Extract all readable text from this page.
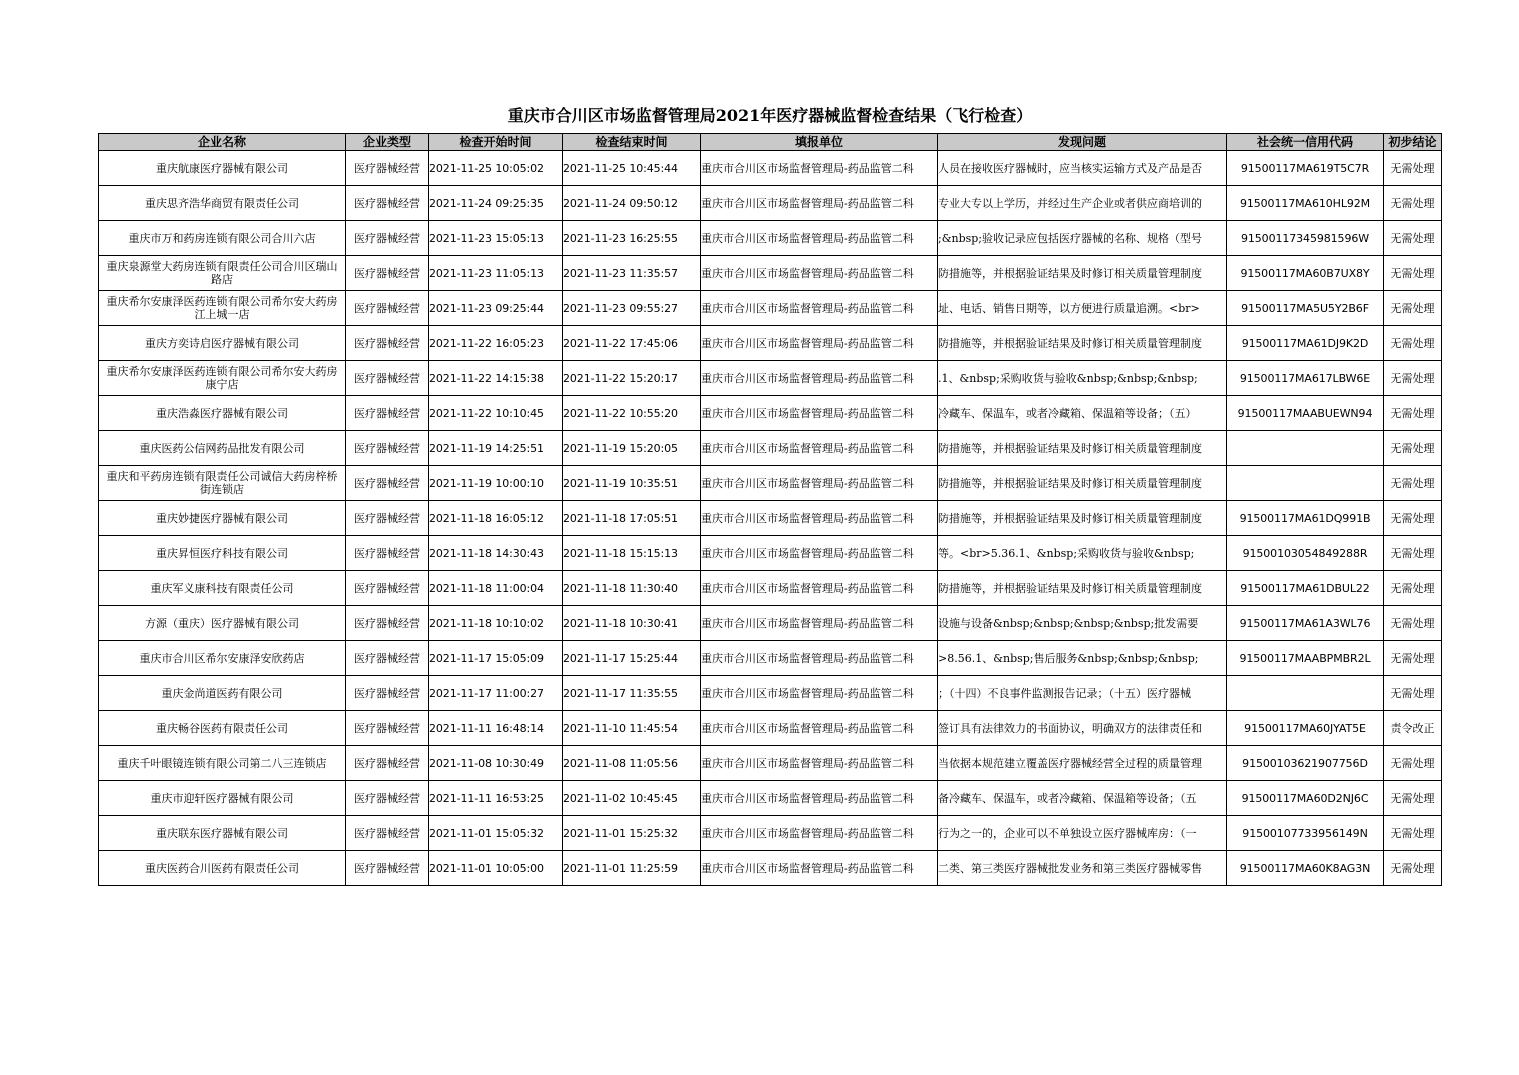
重庆市合川区市场监督管理局2021年医疗器械监督检查结果（飞行检查）
企业名称	企业类型	检查开始时间	检查结束时间	填报单位	发现问题	社会统一信用代码	初步结论
重庆航康医疗器械有限公司	医疗器械经营	2021-11-25 10:05:02	2021-11-25 10:45:44	重庆市合川区市场监督管理局-药品监管二科	人员在接收医疗器械时，应当核实运输方式及产品是否	91500117MA619T5C7R	无需处理
重庆思齐浩华商贸有限责任公司	医疗器械经营	2021-11-24 09:25:35	2021-11-24 09:50:12	重庆市合川区市场监督管理局-药品监管二科	专业大专以上学历，并经过生产企业或者供应商培训的	91500117MA610HL92M	无需处理
重庆市万和药房连锁有限公司合川六店	医疗器械经营	2021-11-23 15:05:13	2021-11-23 16:25:55	重庆市合川区市场监督管理局-药品监管二科	;&nbsp;验收记录应包括医疗器械的名称、规格（型号	91500117345981596W	无需处理
重庆泉源堂大药房连锁有限责任公司合川区瑞山路店	医疗器械经营	2021-11-23 11:05:13	2021-11-23 11:35:57	重庆市合川区市场监督管理局-药品监管二科	防措施等，并根据验证结果及时修订相关质量管理制度	91500117MA60B7UX8Y	无需处理
重庆希尔安康泽医药连锁有限公司希尔安大药房江上城一店	医疗器械经营	2021-11-23 09:25:44	2021-11-23 09:55:27	重庆市合川区市场监督管理局-药品监管二科	址、电话、销售日期等，以方便进行质量追溯。<br>	91500117MA5U5Y2B6F	无需处理
重庆方奕诗启医疗器械有限公司	医疗器械经营	2021-11-22 16:05:23	2021-11-22 17:45:06	重庆市合川区市场监督管理局-药品监管二科	防措施等，并根据验证结果及时修订相关质量管理制度	91500117MA61DJ9K2D	无需处理
重庆希尔安康泽医药连锁有限公司希尔安大药房康宁店	医疗器械经营	2021-11-22 14:15:38	2021-11-22 15:20:17	重庆市合川区市场监督管理局-药品监管二科	.1、&nbsp;采购收货与验收&nbsp;&nbsp;&nbsp;	91500117MA617LBW6E	无需处理
重庆浩淼医疗器械有限公司	医疗器械经营	2021-11-22 10:10:45	2021-11-22 10:55:20	重庆市合川区市场监督管理局-药品监管二科	冷藏车、保温车，或者冷藏箱、保温箱等设备；（五）	91500117MAABUEWN94	无需处理
重庆医药公信网药品批发有限公司	医疗器械经营	2021-11-19 14:25:51	2021-11-19 15:20:05	重庆市合川区市场监督管理局-药品监管二科	防措施等，并根据验证结果及时修订相关质量管理制度		无需处理
重庆和平药房连锁有限责任公司诚信大药房梓桥街连锁店	医疗器械经营	2021-11-19 10:00:10	2021-11-19 10:35:51	重庆市合川区市场监督管理局-药品监管二科	防措施等，并根据验证结果及时修订相关质量管理制度		无需处理
重庆妙捷医疗器械有限公司	医疗器械经营	2021-11-18 16:05:12	2021-11-18 17:05:51	重庆市合川区市场监督管理局-药品监管二科	防措施等，并根据验证结果及时修订相关质量管理制度	91500117MA61DQ991B	无需处理
重庆昇恒医疗科技有限公司	医疗器械经营	2021-11-18 14:30:43	2021-11-18 15:15:13	重庆市合川区市场监督管理局-药品监管二科	等。<br>5.36.1、&nbsp;采购收货与验收&nbsp;	91500103054849288R	无需处理
重庆军义康科技有限责任公司	医疗器械经营	2021-11-18 11:00:04	2021-11-18 11:30:40	重庆市合川区市场监督管理局-药品监管二科	防措施等，并根据验证结果及时修订相关质量管理制度	91500117MA61DBUL22	无需处理
方源（重庆）医疗器械有限公司	医疗器械经营	2021-11-18 10:10:02	2021-11-18 10:30:41	重庆市合川区市场监督管理局-药品监管二科	设施与设备&nbsp;&nbsp;&nbsp;&nbsp;批发需要	91500117MA61A3WL76	无需处理
重庆市合川区希尔安康泽安欣药店	医疗器械经营	2021-11-17 15:05:09	2021-11-17 15:25:44	重庆市合川区市场监督管理局-药品监管二科	>8.56.1、&nbsp;售后服务&nbsp;&nbsp;&nbsp;	91500117MAABPMBR2L	无需处理
重庆金尚道医药有限公司	医疗器械经营	2021-11-17 11:00:27	2021-11-17 11:35:55	重庆市合川区市场监督管理局-药品监管二科	；（十四）不良事件监测报告记录；（十五）医疗器械		无需处理
重庆畅谷医药有限责任公司	医疗器械经营	2021-11-11 16:48:14	2021-11-10 11:45:54	重庆市合川区市场监督管理局-药品监管二科	签订具有法律效力的书面协议，明确双方的法律责任和	91500117MA60JYAT5E	责令改正
重庆千叶眼镜连锁有限公司第二八三连锁店	医疗器械经营	2021-11-08 10:30:49	2021-11-08 11:05:56	重庆市合川区市场监督管理局-药品监管二科	当依据本规范建立覆盖医疗器械经营全过程的质量管理	91500103621907756D	无需处理
重庆市迎轩医疗器械有限公司	医疗器械经营	2021-11-11 16:53:25	2021-11-02 10:45:45	重庆市合川区市场监督管理局-药品监管二科	备冷藏车、保温车，或者冷藏箱、保温箱等设备；（五	91500117MA60D2NJ6C	无需处理
重庆联东医疗器械有限公司	医疗器械经营	2021-11-01 15:05:32	2021-11-01 15:25:32	重庆市合川区市场监督管理局-药品监管二科	行为之一的，企业可以不单独设立医疗器械库房：（一	91500107733956149N	无需处理
重庆医药合川医药有限责任公司	医疗器械经营	2021-11-01 10:05:00	2021-11-01 11:25:59	重庆市合川区市场监督管理局-药品监管二科	二类、第三类医疗器械批发业务和第三类医疗器械零售	91500117MA60K8AG3N	无需处理
